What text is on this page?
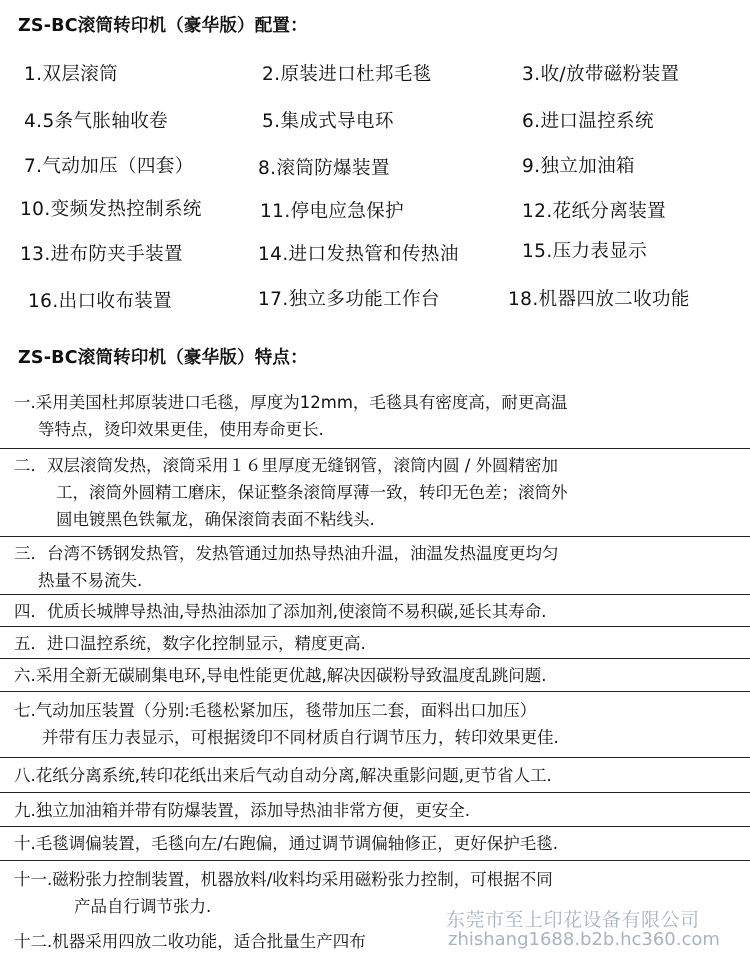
ZS-BC滚筒转印机（豪华版）配置：
1.双层滚筒	2.原装进口杜邦毛毯	3.收/放带磁粉装置
4.5条气胀轴收卷	5.集成式导电环	6.进口温控系统
7.气动加压（四套）	8.滚筒防爆装置	9.独立加油箱
10.变频发热控制系统	11.停电应急保护	12.花纸分离装置
13.进布防夹手装置	14.进口发热管和传热油	15.压力表显示
16.出口收布装置	17.独立多功能工作台	18.机器四放二收功能
ZS-BC滚筒转印机（豪华版）特点：
一.采用美国杜邦原装进口毛毯，厚度为12mm，毛毯具有密度高，耐更高温
等特点，烫印效果更佳，使用寿命更长.
二．双层滚筒发热，滚筒采用１６里厚度无缝钢管，滚筒内圆 / 外圆精密加
工，滚筒外圆精工磨床，保证整条滚筒厚薄一致，转印无色差；滚筒外
圆电镀黑色铁氟龙，确保滚筒表面不粘线头.
三．台湾不锈钢发热管，发热管通过加热导热油升温，油温发热温度更均匀
热量不易流失.
四．优质长城牌导热油,导热油添加了添加剂,使滚筒不易积碳,延长其寿命.
五．进口温控系统，数字化控制显示，精度更高.
六.采用全新无碳刷集电环,导电性能更优越,解决因碳粉导致温度乱跳问题.
七.气动加压装置（分别:毛毯松紧加压，毯带加压二套，面料出口加压）
并带有压力表显示，可根据烫印不同材质自行调节压力，转印效果更佳.
八.花纸分离系统,转印花纸出来后气动自动分离,解决重影问题,更节省人工.
九.独立加油箱并带有防爆装置，添加导热油非常方便，更安全.
十.毛毯调偏装置，毛毯向左/右跑偏，通过调节调偏轴修正，更好保护毛毯.
十一.磁粉张力控制装置，机器放料/收料均采用磁粉张力控制，可根据不同
产品自行调节张力.
东莞市至上印花设备有限公司
zhishang1688.b2b.hc360.com
十二.机器采用四放二收功能，适合批量生产四布
